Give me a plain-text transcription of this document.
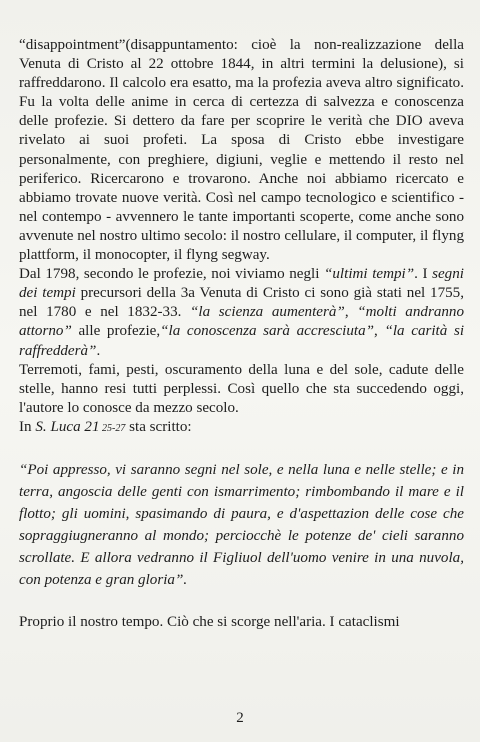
“disappointment”(disappuntamento: cioè la non-realizzazione della Venuta di Cristo al 22 ottobre 1844, in altri termini la delusione), si raffreddarono. Il calcolo era esatto, ma la profezia aveva altro significato. Fu la volta delle anime in cerca di certezza di salvezza e conoscenza delle profezie. Si dettero da fare per scoprire le verità che DIO aveva rivelato ai suoi profeti. La sposa di Cristo ebbe investigare personalmente, con preghiere, digiuni, veglie e mettendo il resto nel periferico. Ricercarono e trovarono. Anche noi abbiamo ricercato e abbiamo trovate nuove verità. Così nel campo tecnologico e scientifico - nel contempo - avvennero le tante importanti scoperte, come anche sono avvenute nel nostro ultimo secolo: il nostro cellulare, il computer, il flyng plattform, il monocopter, il flyng segway.

Dal 1798, secondo le profezie, noi viviamo negli “ultimi tempi”. I segni dei tempi precursori della 3a Venuta di Cristo ci sono già stati nel 1755, nel 1780 e nel 1832-33. “la scienza aumenterà”, “molti andranno attorno” alle profezie,“la conoscenza sarà accresciuta”, “la carità si raffredderà”.

Terremoti, fami, pesti, oscuramento della luna e del sole, cadute delle stelle, hanno resi tutti perplessi. Così quello che sta succedendo oggi, l'autore lo conosce da mezzo secolo.

In S. Luca 21 25-27 sta scritto:

“Poi appresso, vi saranno segni nel sole, e nella luna e nelle stelle; e in terra, angoscia delle genti con ismarrimento; rimbombando il mare e il flotto; gli uomini, spasimando di paura, e d'aspettazion delle cose che sopraggiugneranno al mondo; perciocchè le potenze de' cieli saranno scrollate. E allora vedranno il Figliuol dell'uomo venire in una nuvola, con potenza e gran gloria”.

Proprio il nostro tempo. Ciò che si scorge nell'aria. I cataclismi

2
